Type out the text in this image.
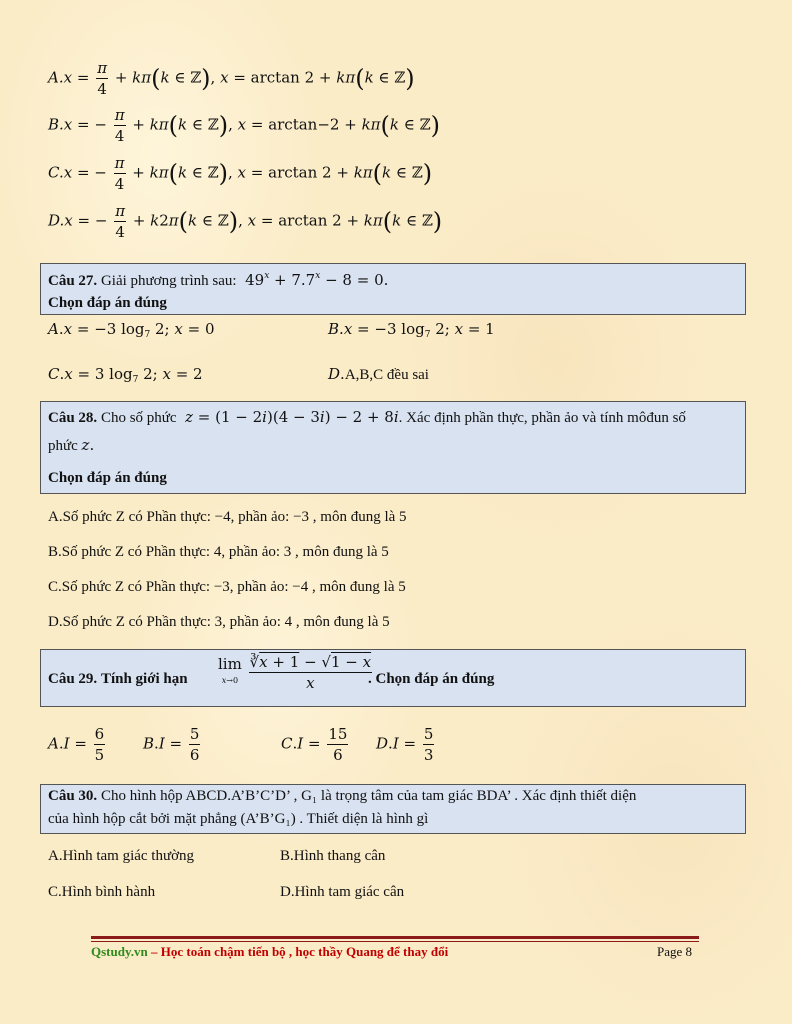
$A.x = \frac{\pi}{4} + k\pi(k$ ∈ ℤ), x = arctan 2 + kπ(k ∈ ℤ)
B.x = − $\frac{\pi}{4} + k\pi(k$ ∈ ℤ), x = arctan−2 + kπ(k ∈ ℤ)
C.x = − $\frac{\pi}{4} + k\pi(k$ ∈ ℤ), x = arctan 2 + kπ(k ∈ ℤ)
D.x = − $\frac{\pi}{4} + k2\pi(k$ ∈ ℤ), x = arctan 2 + kπ(k ∈ ℤ)
Câu 27. Giải phương trình sau:  $49^x + 7.7^x - 8 = 0$.
Chọn đáp án đúng
A.x = −3 $\log_7 2$; x = 0	B.x = −3 $\log_7 2$; x = 1
C.x = 3 $\log_7 2$; x = 2	D.A,B,C đều sai
Câu 28. Cho số phức z = (1 − 2i)(4 − 3i) − 2 + 8i. Xác định phần thực, phần ảo và tính môđun số
phức z.
Chọn đáp án đúng
A.Số phức Z có Phần thực: −4, phần ảo: −3 , môn đung là 5
B.Số phức Z có Phần thực: 4, phần ảo: 3 , môn đung là 5
C.Số phức Z có Phần thực: −3, phần ảo: −4 , môn đung là 5
D.Số phức Z có Phần thực: 3, phần ảo: 4 , môn đung là 5
Câu 29. Tính giới hạn
lim
$x\to 0 \frac{∛x + 1 - √1 - x}{x}$
. Chọn đáp án đúng
$A.I = \frac{6}{5}$	$B.I = \frac{5}{6}$	$C.I = \frac{15}{6} D.I = \frac{5}{3}$
Câu 30. Cho hình hộp ABCD.A’B’C’D’ , G₁ là trọng tâm của tam giác BDA’ . Xác định thiết diện
của hình hộp cắt bởi mặt phẳng (A’B’G₁) . Thiết diện là hình gì
A.Hình tam giác thường	B.Hình thang cân
C.Hình bình hành	D.Hình tam giác cân
Qstudy.vn – Học toán chậm tiến bộ , học thầy Quang để thay đổi	Page 8
